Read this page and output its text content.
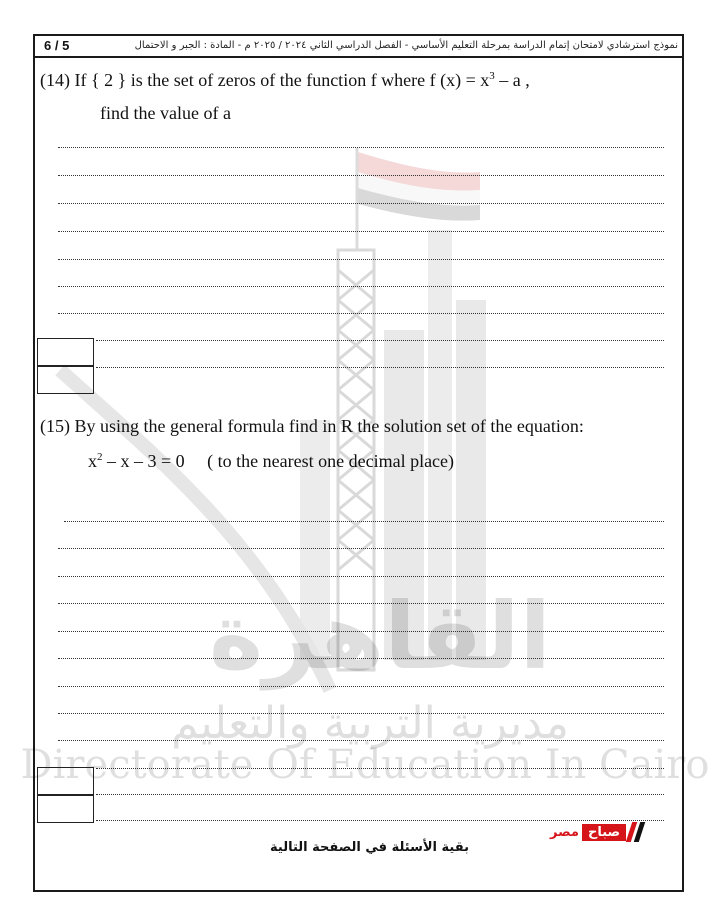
6 / 5	نموذج استرشادي لامتحان إتمام الدراسة بمرحلة التعليم الأساسي - الفصل الدراسي الثاني ٢٠٢٤ / ٢٠٢٥ م - المادة : الجبر و الاحتمال
القاهرة
مديرية التربية والتعليم
Directorate Of Education In Cairo
(14) If { 2 } is the set of zeros of the function f where f $(x) = x^3 - a$ ,
find the value of a
(15) By using the general formula find in R the solution set of the equation:
$x^2 - x - 3 = 0$ ( to the nearest one decimal place)
مصر صباح
بقية الأسئلة في الصفحة التالية
